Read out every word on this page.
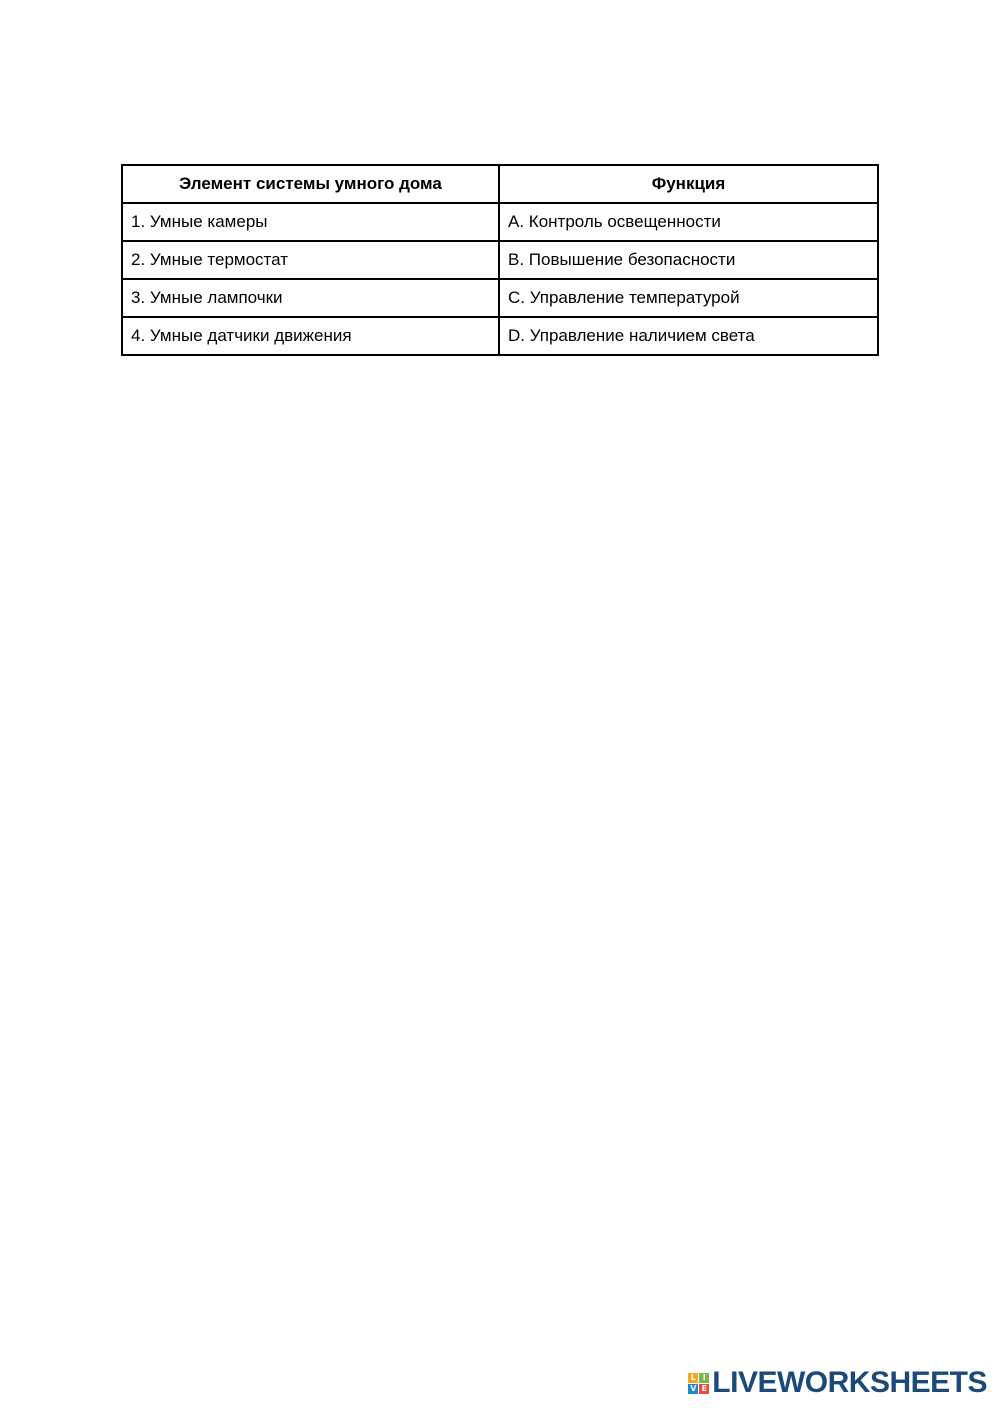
Элемент системы умного дома	Функция
1. Умные камеры	A. Контроль освещенности
2. Умные термостат	B. Повышение безопасности
3. Умные лампочки	C. Управление температурой
4. Умные датчики движения	D. Управление наличием света
L I
V E LIVEWORKSHEETS
